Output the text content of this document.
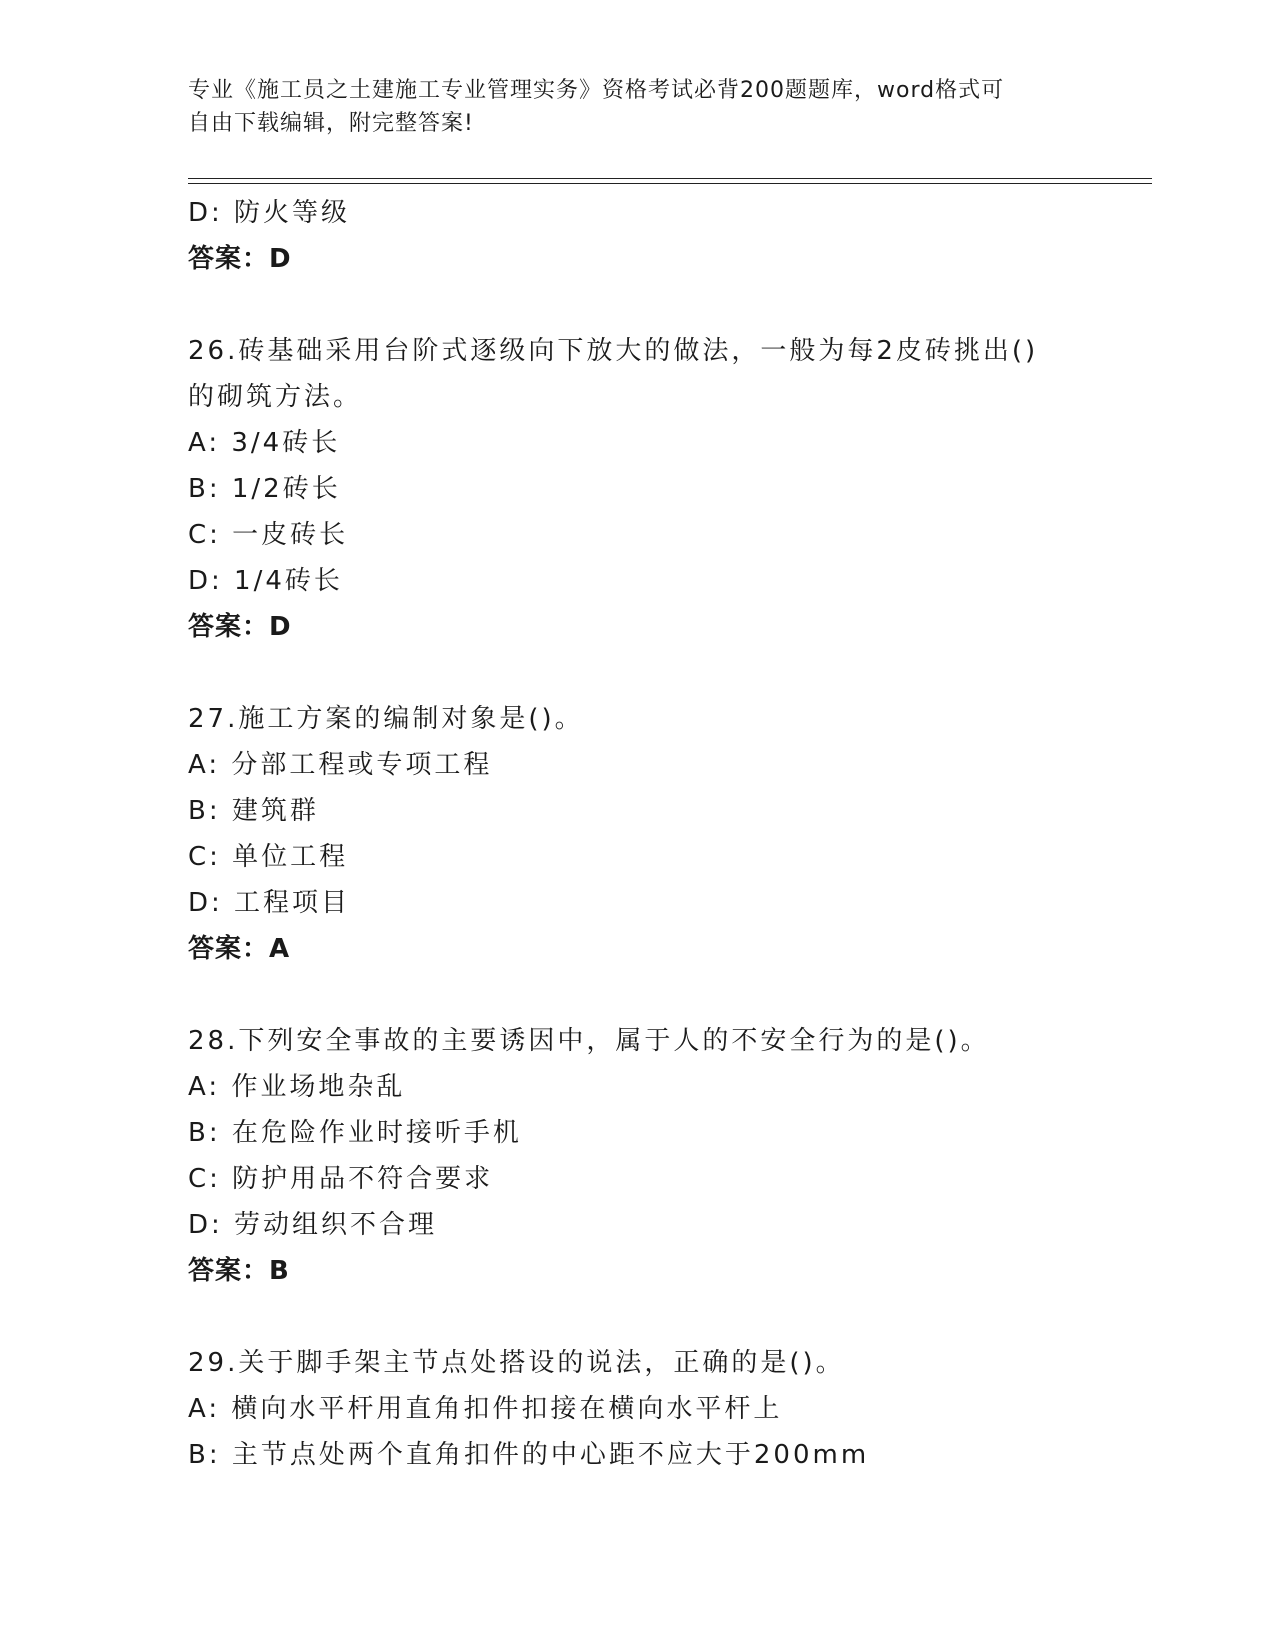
专业《施工员之土建施工专业管理实务》资格考试必背200题题库，word格式可
自由下载编辑，附完整答案!
D: 防火等级
答案：D
26.砖基础采用台阶式逐级向下放大的做法，一般为每2皮砖挑出()
的砌筑方法。
A: 3/4砖长
B: 1/2砖长
C: 一皮砖长
D: 1/4砖长
答案：D
27.施工方案的编制对象是()。
A: 分部工程或专项工程
B: 建筑群
C: 单位工程
D: 工程项目
答案：A
28.下列安全事故的主要诱因中，属于人的不安全行为的是()。
A: 作业场地杂乱
B: 在危险作业时接听手机
C: 防护用品不符合要求
D: 劳动组织不合理
答案：B
29.关于脚手架主节点处搭设的说法，正确的是()。
A: 横向水平杆用直角扣件扣接在横向水平杆上
B: 主节点处两个直角扣件的中心距不应大于200mm
